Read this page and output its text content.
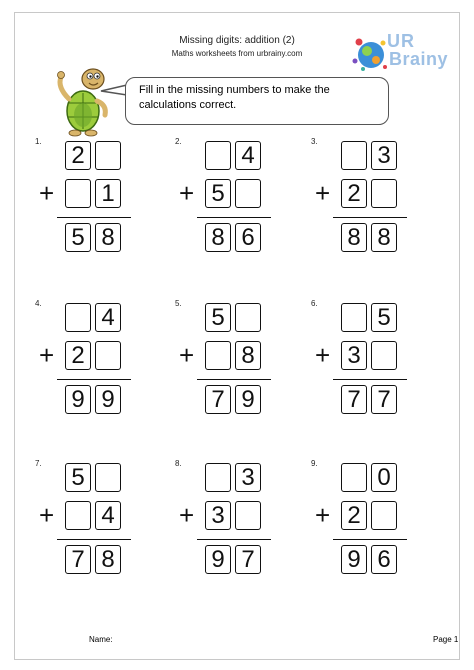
Missing digits: addition (2)
Maths worksheets from urbrainy.com
UR
Brainy
Fill in the missing numbers to make the calculations correct.
1. 2
1
5 8
+
2. 4
5
8 6
+
3. 3
2
8 8
+
4. 4
2
9 9
+
5. 5
8
7 9
+
6. 5
3
7 7
+
7. 5
4
7 8
+
8. 3
3
9 7
+
9. 0
2
9 6
+
Name:	Page 1
